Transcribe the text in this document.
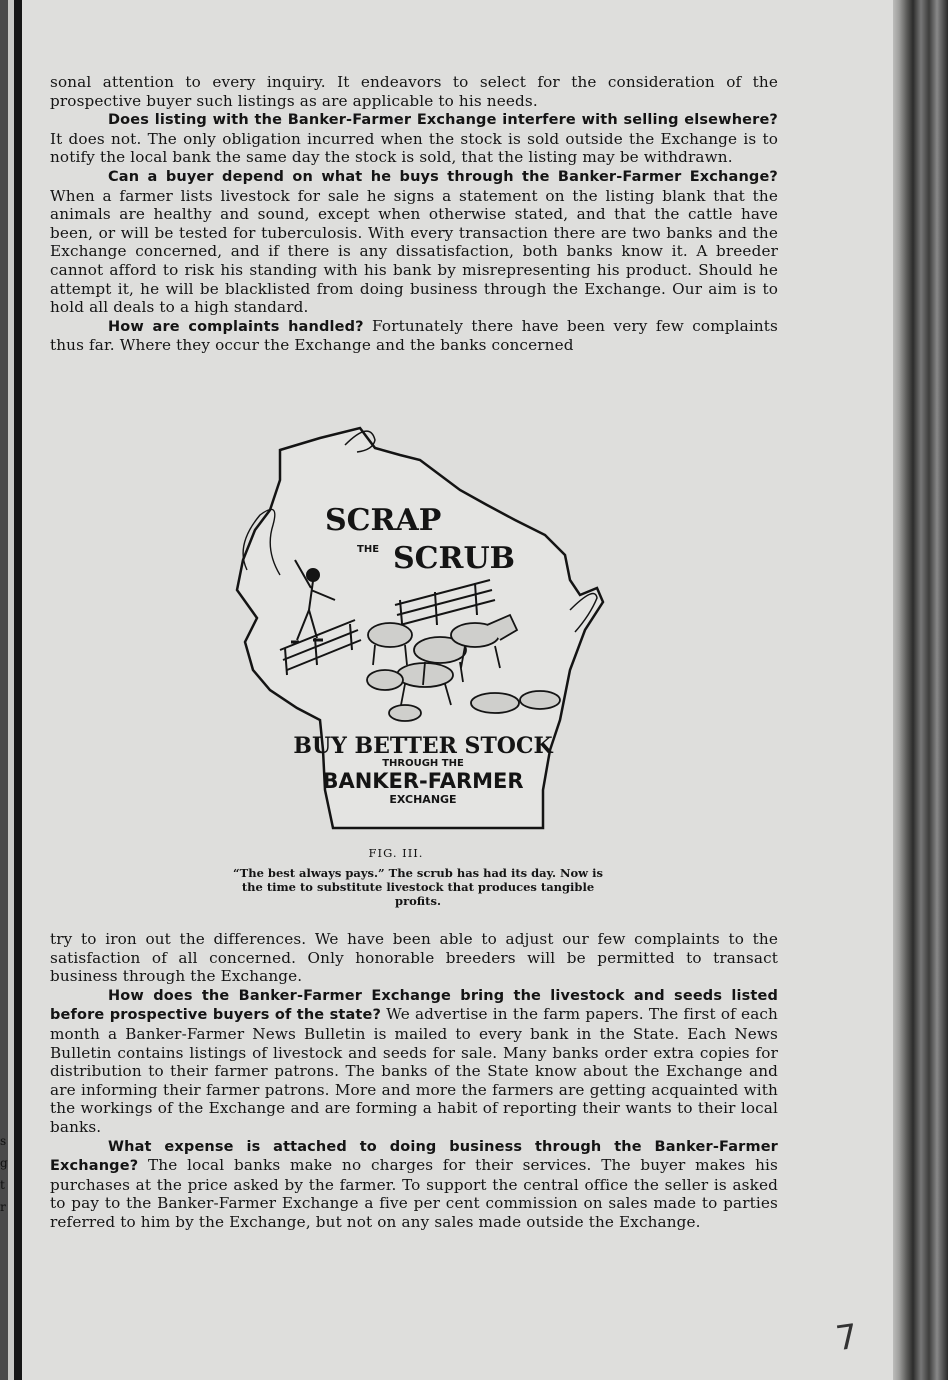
s
g
t
r

sonal attention to every inquiry. It endeavors to select for the consideration of the prospective buyer such listings as are applicable to his needs.

Does listing with the Banker-Farmer Exchange interfere with selling elsewhere? It does not. The only obligation incurred when the stock is sold outside the Exchange is to notify the local bank the same day the stock is sold, that the listing may be withdrawn.

Can a buyer depend on what he buys through the Banker-Farmer Exchange? When a farmer lists livestock for sale he signs a statement on the listing blank that the animals are healthy and sound, except when otherwise stated, and that the cattle have been, or will be tested for tuberculosis. With every transaction there are two banks and the Exchange concerned, and if there is any dissatisfaction, both banks know it. A breeder cannot afford to risk his standing with his bank by misrepresenting his product. Should he attempt it, he will be blacklisted from doing business through the Exchange. Our aim is to hold all deals to a high standard.

How are complaints handled? Fortunately there have been very few complaints thus far. Where they occur the Exchange and the banks concerned

SCRAP
THE SCRUB
BUY BETTER STOCK
THROUGH THE
BANKER-FARMER
EXCHANGE
FIG. III.
“The best always pays.” The scrub has had its day. Now is the time to substitute livestock that produces tangible profits.

try to iron out the differences. We have been able to adjust our few complaints to the satisfaction of all concerned. Only honorable breeders will be permitted to transact business through the Exchange.

How does the Banker-Farmer Exchange bring the livestock and seeds listed before prospective buyers of the state? We advertise in the farm papers. The first of each month a Banker-Farmer News Bulletin is mailed to every bank in the State. Each News Bulletin contains listings of livestock and seeds for sale. Many banks order extra copies for distribution to their farmer patrons. The banks of the State know about the Exchange and are informing their farmer patrons. More and more the farmers are getting acquainted with the workings of the Exchange and are forming a habit of reporting their wants to their local banks.

What expense is attached to doing business through the Banker-Farmer Exchange? The local banks make no charges for their services. The buyer makes his purchases at the price asked by the farmer. To support the central office the seller is asked to pay to the Banker-Farmer Exchange a five per cent commission on sales made to parties referred to him by the Exchange, but not on any sales made outside the Exchange.

7
